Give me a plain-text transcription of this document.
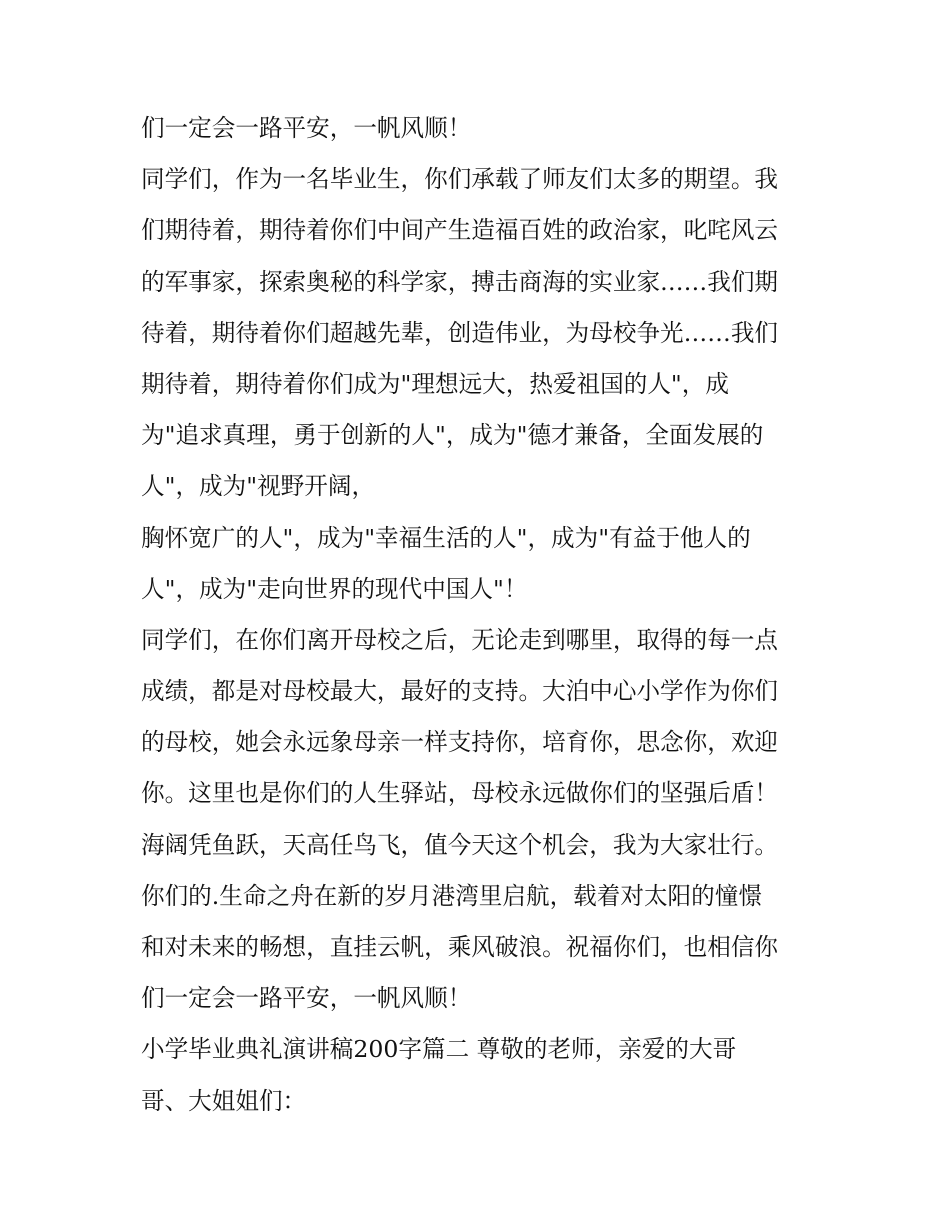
们一定会一路平安，一帆风顺！
同学们，作为一名毕业生，你们承载了师友们太多的期望。我
们期待着，期待着你们中间产生造福百姓的政治家，叱咤风云
的军事家，探索奥秘的科学家，搏击商海的实业家……我们期
待着，期待着你们超越先辈，创造伟业，为母校争光……我们
期待着，期待着你们成为"理想远大，热爱祖国的人"，成
为"追求真理，勇于创新的人"，成为"德才兼备，全面发展的
人"，成为"视野开阔，
胸怀宽广的人"，成为"幸福生活的人"，成为"有益于他人的
人"，成为"走向世界的现代中国人"！
同学们，在你们离开母校之后，无论走到哪里，取得的每一点
成绩，都是对母校最大，最好的支持。大泊中心小学作为你们
的母校，她会永远象母亲一样支持你，培育你，思念你，欢迎
你。这里也是你们的人生驿站，母校永远做你们的坚强后盾！
海阔凭鱼跃，天高任鸟飞，值今天这个机会，我为大家壮行。
你们的.生命之舟在新的岁月港湾里启航，载着对太阳的憧憬
和对未来的畅想，直挂云帆，乘风破浪。祝福你们，也相信你
们一定会一路平安，一帆风顺！
小学毕业典礼演讲稿200字篇二 尊敬的老师，亲爱的大哥
哥、大姐姐们：
